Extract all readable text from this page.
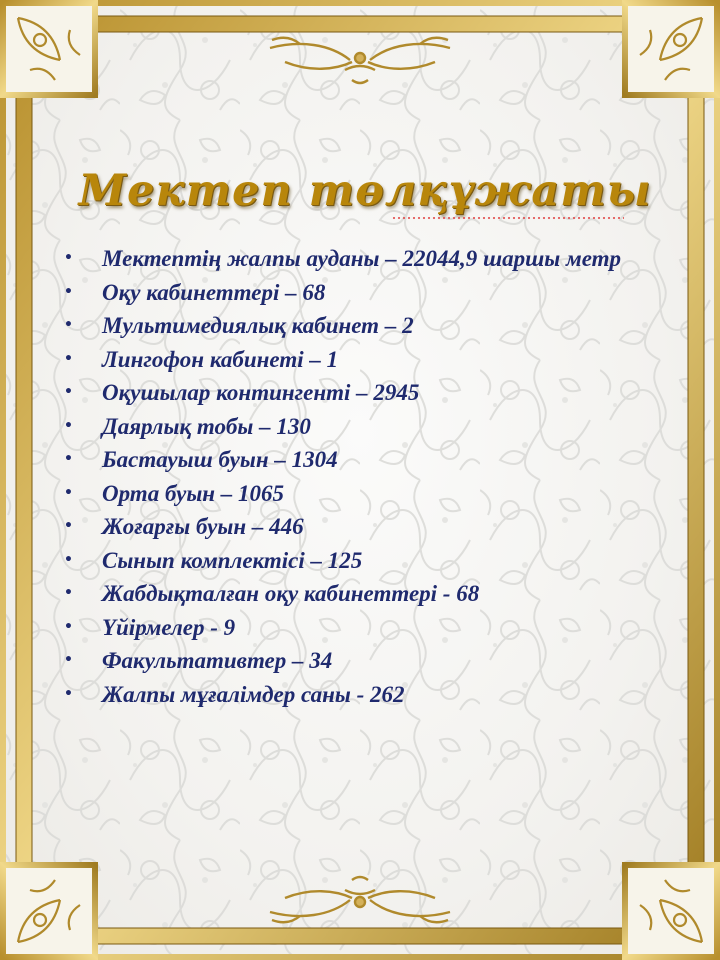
Мектеп төлқұжаты
• Мектептің жалпы ауданы – 22044,9 шаршы метр
• Оқу кабинеттері – 68
• Мультимедиялық кабинет – 2
• Лингофон кабинеті – 1
• Оқушылар контингенті – 2945
• Даярлық тобы – 130
• Бастауыш буын – 1304
• Орта буын – 1065
• Жоғарғы буын – 446
• Сынып комплектісі – 125
• Жабдықталған оқу кабинеттері - 68
• Үйірмелер - 9
• Факультативтер – 34
• Жалпы мұғалімдер саны - 262
